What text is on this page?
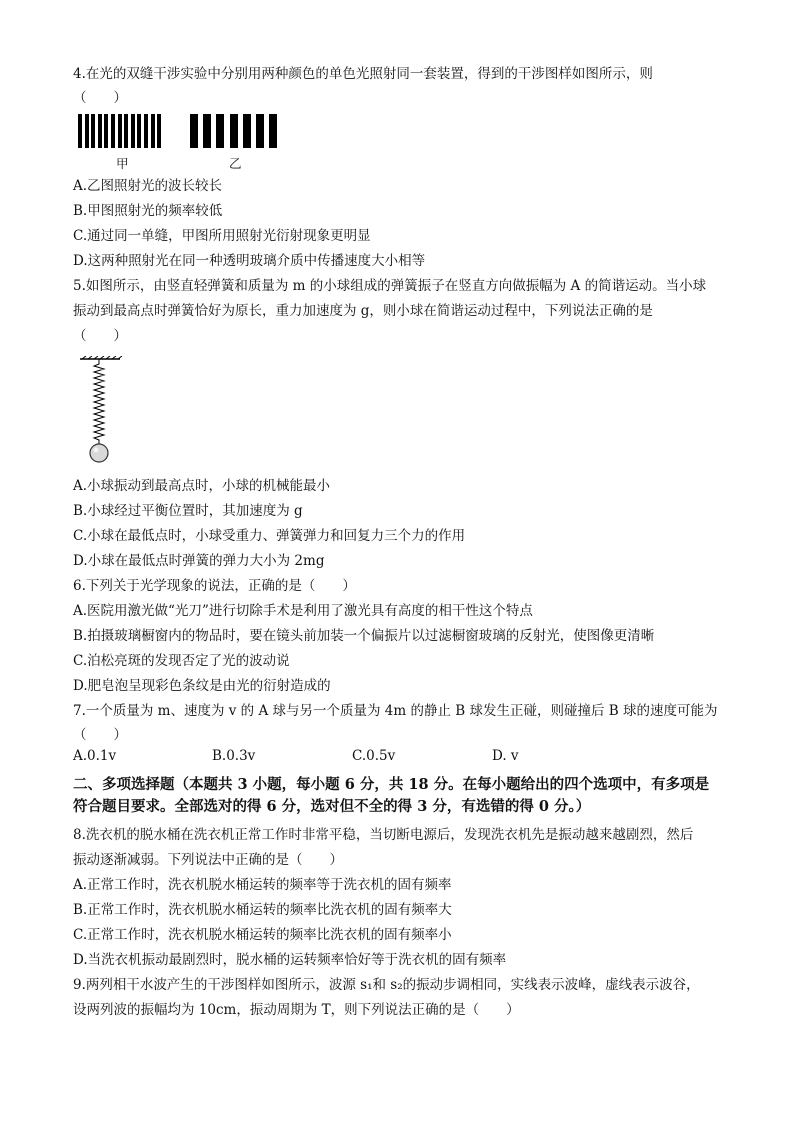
4.在光的双缝干涉实验中分别用两种颜色的单色光照射同一套装置，得到的干涉图样如图所示，则
（　　）
甲	乙
A.乙图照射光的波长较长
B.甲图照射光的频率较低
C.通过同一单缝，甲图所用照射光衍射现象更明显
D.这两种照射光在同一种透明玻璃介质中传播速度大小相等
5.如图所示，由竖直轻弹簧和质量为 m 的小球组成的弹簧振子在竖直方向做振幅为 A 的简谐运动。当小球
振动到最高点时弹簧恰好为原长，重力加速度为 g，则小球在简谐运动过程中，下列说法正确的是
（　　）
A.小球振动到最高点时，小球的机械能最小
B.小球经过平衡位置时，其加速度为 g
C.小球在最低点时，小球受重力、弹簧弹力和回复力三个力的作用
D.小球在最低点时弹簧的弹力大小为 2mg
6.下列关于光学现象的说法，正确的是（　　）
A.医院用激光做“光刀”进行切除手术是利用了激光具有高度的相干性这个特点
B.拍摄玻璃橱窗内的物品时，要在镜头前加装一个偏振片以过滤橱窗玻璃的反射光，使图像更清晰
C.泊松亮斑的发现否定了光的波动说
D.肥皂泡呈现彩色条纹是由光的衍射造成的
7.一个质量为 m、速度为 v 的 A 球与另一个质量为 4m 的静止 B 球发生正碰，则碰撞后 B 球的速度可能为
（　　）
A.0.1v	B.0.3v	C.0.5v	D. v
二、多项选择题（本题共 3 小题，每小题 6 分，共 18 分。在每小题给出的四个选项中，有多项是符合题目要求。全部选对的得 6 分，选对但不全的得 3 分，有选错的得 0 分。）
8.洗衣机的脱水桶在洗衣机正常工作时非常平稳，当切断电源后，发现洗衣机先是振动越来越剧烈，然后
振动逐渐减弱。下列说法中正确的是（　　）
A.正常工作时，洗衣机脱水桶运转的频率等于洗衣机的固有频率
B.正常工作时，洗衣机脱水桶运转的频率比洗衣机的固有频率大
C.正常工作时，洗衣机脱水桶运转的频率比洗衣机的固有频率小
D.当洗衣机振动最剧烈时，脱水桶的运转频率恰好等于洗衣机的固有频率
9.两列相干水波产生的干涉图样如图所示，波源 s₁和 s₂的振动步调相同，实线表示波峰，虚线表示波谷，
设两列波的振幅均为 10cm，振动周期为 T，则下列说法正确的是（　　）
